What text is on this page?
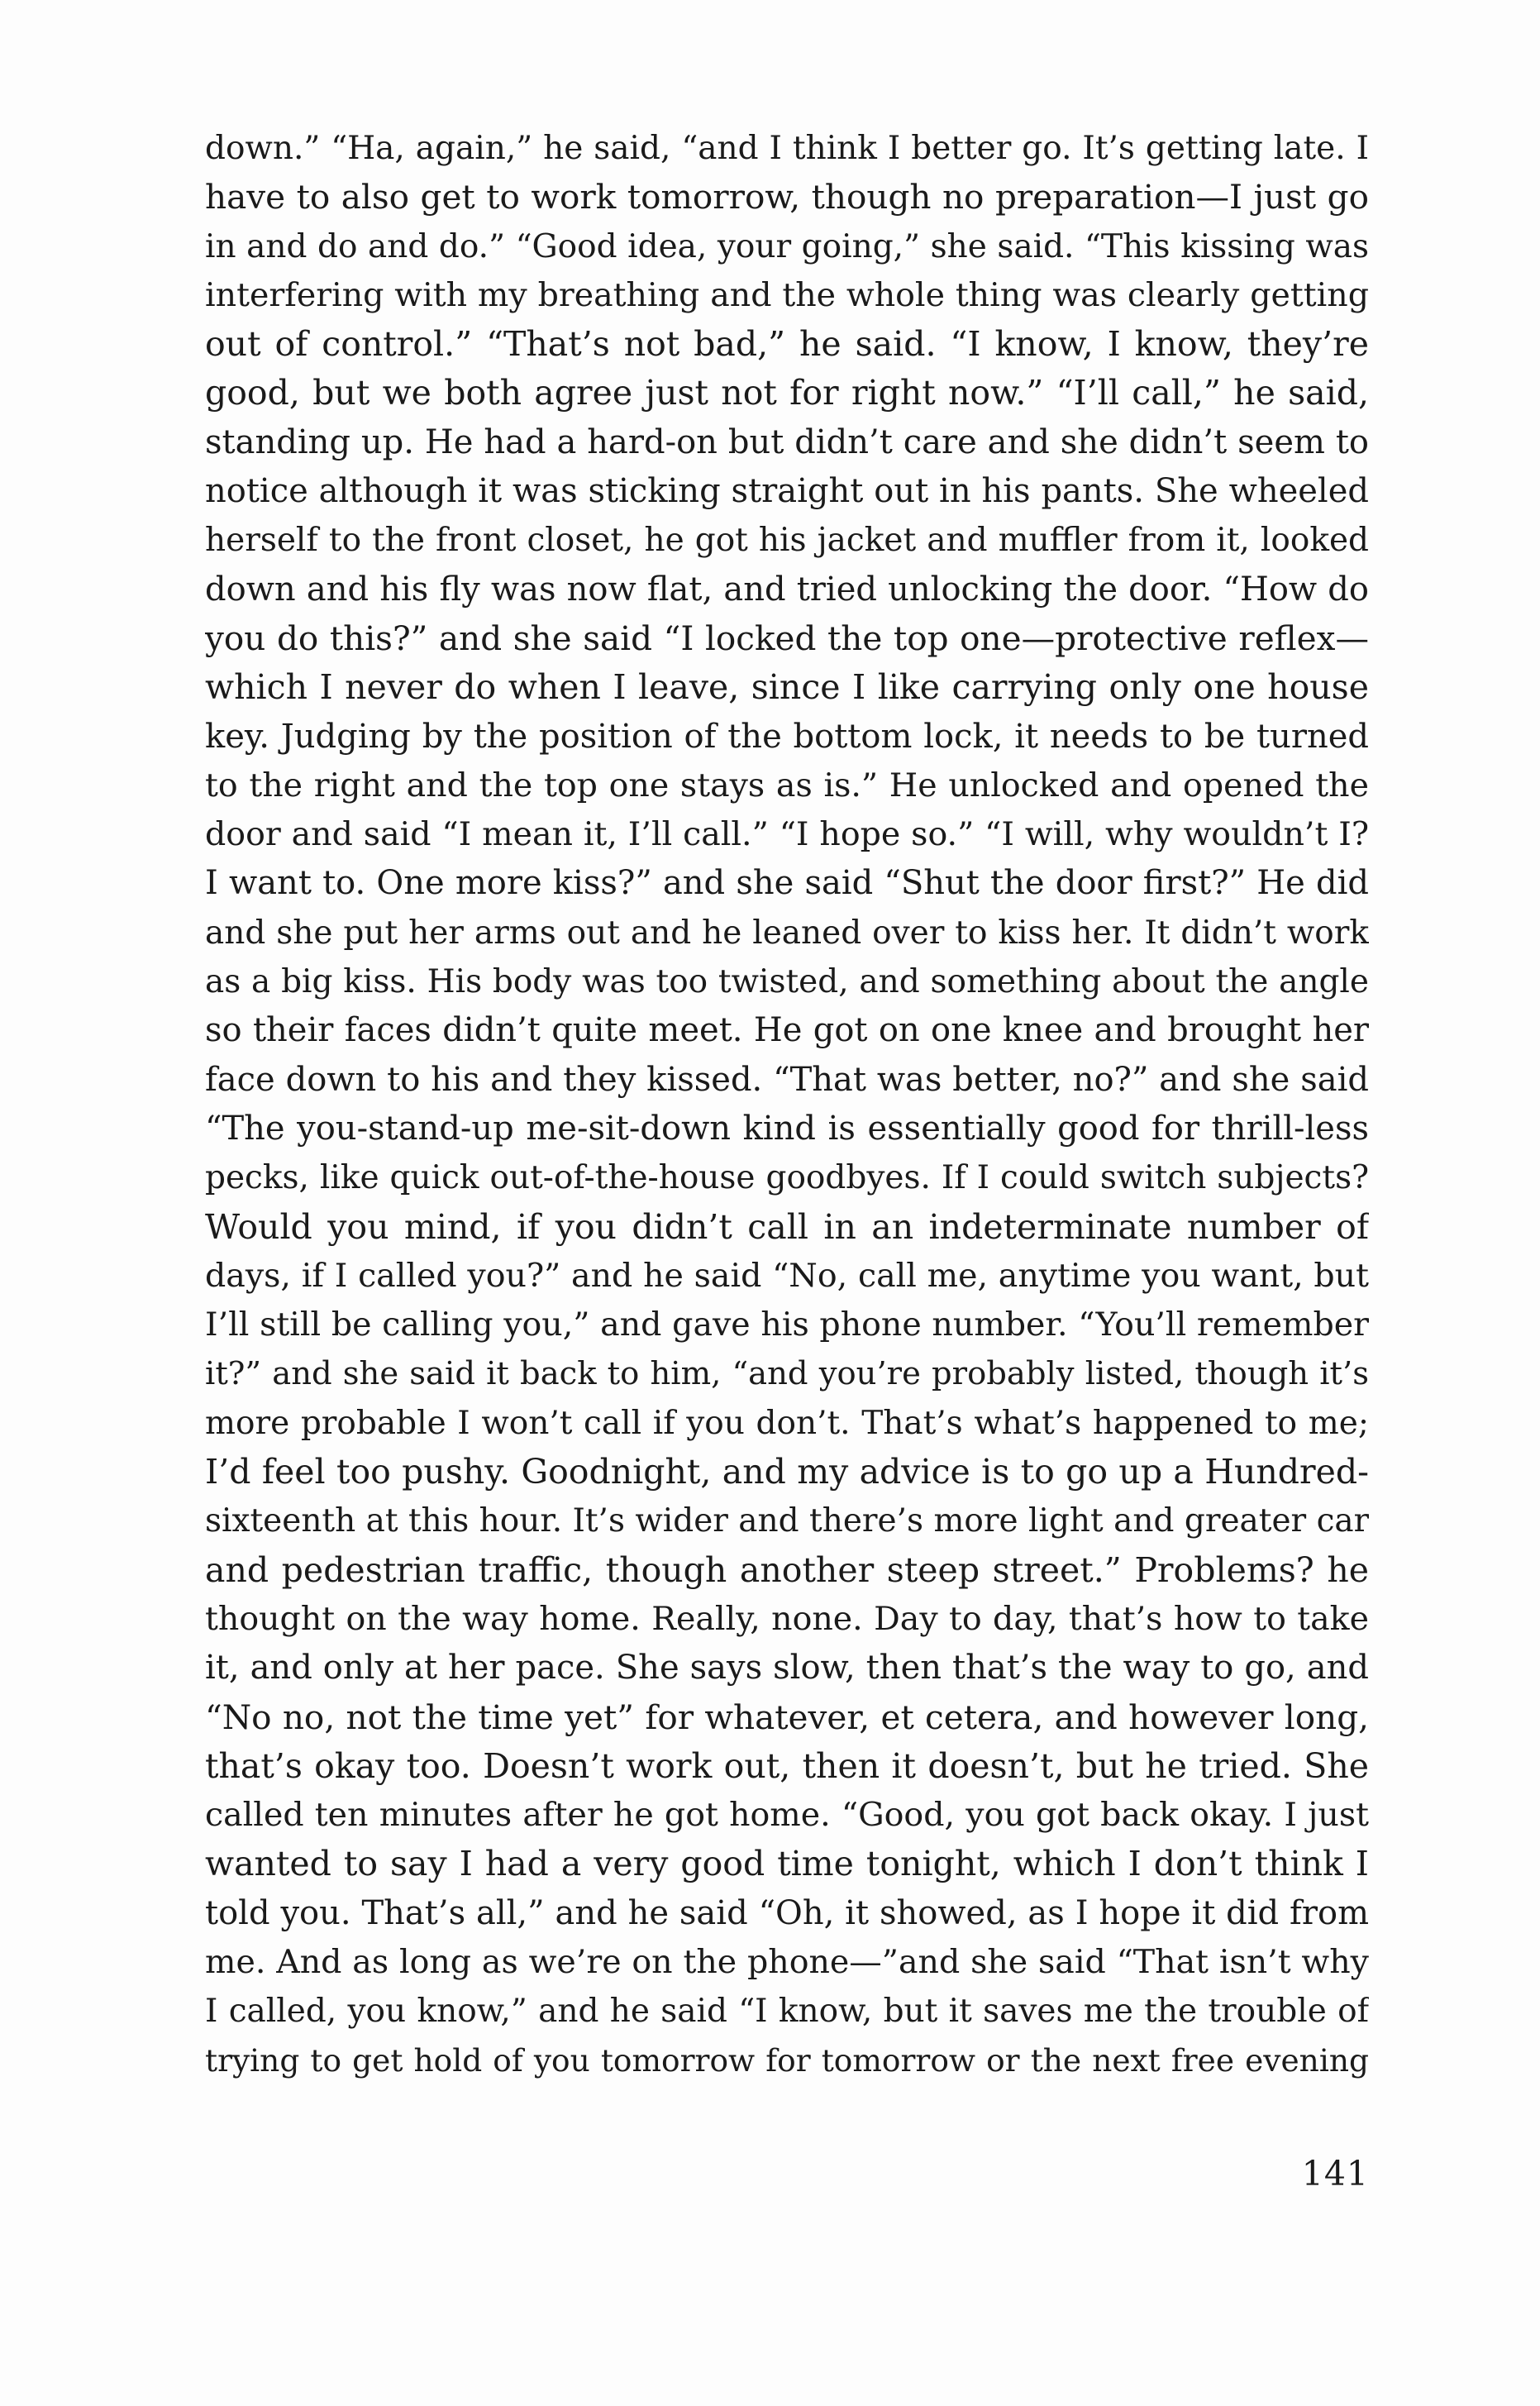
down.” “Ha, again,” he said, “and I think I better go. It’s getting late. I
have to also get to work tomorrow, though no preparation—I just go
in and do and do.” “Good idea, your going,” she said. “This kissing was
interfering with my breathing and the whole thing was clearly getting
out of control.” “That’s not bad,” he said. “I know, I know, they’re
good, but we both agree just not for right now.” “I’ll call,” he said,
standing up. He had a hard-on but didn’t care and she didn’t seem to
notice although it was sticking straight out in his pants. She wheeled
herself to the front closet, he got his jacket and muffler from it, looked
down and his fly was now flat, and tried unlocking the door. “How do
you do this?” and she said “I locked the top one—protective reflex—
which I never do when I leave, since I like carrying only one house
key. Judging by the position of the bottom lock, it needs to be turned
to the right and the top one stays as is.” He unlocked and opened the
door and said “I mean it, I’ll call.” “I hope so.” “I will, why wouldn’t I?
I want to. One more kiss?” and she said “Shut the door first?” He did
and she put her arms out and he leaned over to kiss her. It didn’t work
as a big kiss. His body was too twisted, and something about the angle
so their faces didn’t quite meet. He got on one knee and brought her
face down to his and they kissed. “That was better, no?” and she said
“The you-stand-up me-sit-down kind is essentially good for thrill-less
pecks, like quick out-of-the-house goodbyes. If I could switch subjects?
Would you mind, if you didn’t call in an indeterminate number of
days, if I called you?” and he said “No, call me, anytime you want, but
I’ll still be calling you,” and gave his phone number. “You’ll remember
it?” and she said it back to him, “and you’re probably listed, though it’s
more probable I won’t call if you don’t. That’s what’s happened to me;
I’d feel too pushy. Goodnight, and my advice is to go up a Hundred-
sixteenth at this hour. It’s wider and there’s more light and greater car
and pedestrian traffic, though another steep street.” Problems? he
thought on the way home. Really, none. Day to day, that’s how to take
it, and only at her pace. She says slow, then that’s the way to go, and
“No no, not the time yet” for whatever, et cetera, and however long,
that’s okay too. Doesn’t work out, then it doesn’t, but he tried. She
called ten minutes after he got home. “Good, you got back okay. I just
wanted to say I had a very good time tonight, which I don’t think I
told you. That’s all,” and he said “Oh, it showed, as I hope it did from
me. And as long as we’re on the phone—”and she said “That isn’t why
I called, you know,” and he said “I know, but it saves me the trouble of
trying to get hold of you tomorrow for tomorrow or the next free evening
141
